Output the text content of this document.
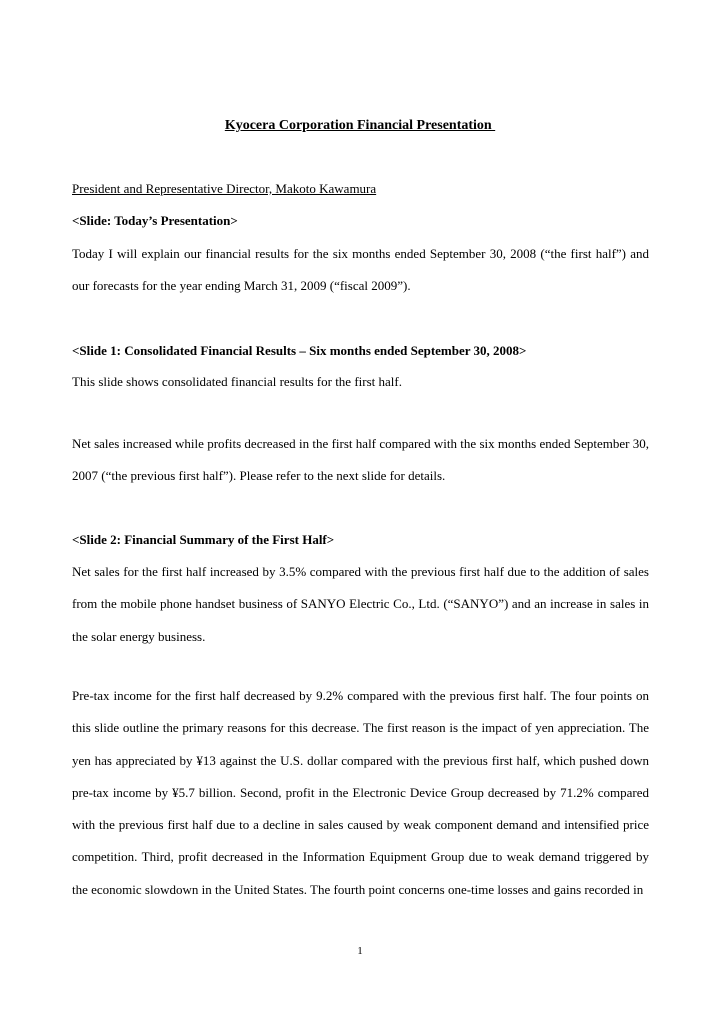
Kyocera Corporation Financial Presentation
President and Representative Director, Makoto Kawamura
<Slide: Today’s Presentation>

Today I will explain our financial results for the six months ended September 30, 2008 (“the first half”) and our forecasts for the year ending March 31, 2009 (“fiscal 2009”).

<Slide 1: Consolidated Financial Results – Six months ended September 30, 2008>

This slide shows consolidated financial results for the first half.

Net sales increased while profits decreased in the first half compared with the six months ended September 30, 2007 (“the previous first half”). Please refer to the next slide for details.

<Slide 2: Financial Summary of the First Half>

Net sales for the first half increased by 3.5% compared with the previous first half due to the addition of sales from the mobile phone handset business of SANYO Electric Co., Ltd. (“SANYO”) and an increase in sales in the solar energy business.

Pre-tax income for the first half decreased by 9.2% compared with the previous first half. The four points on this slide outline the primary reasons for this decrease. The first reason is the impact of yen appreciation. The yen has appreciated by ¥13 against the U.S. dollar compared with the previous first half, which pushed down pre-tax income by ¥5.7 billion. Second, profit in the Electronic Device Group decreased by 71.2% compared with the previous first half due to a decline in sales caused by weak component demand and intensified price competition. Third, profit decreased in the Information Equipment Group due to weak demand triggered by the economic slowdown in the United States. The fourth point concerns one-time losses and gains recorded in

1
